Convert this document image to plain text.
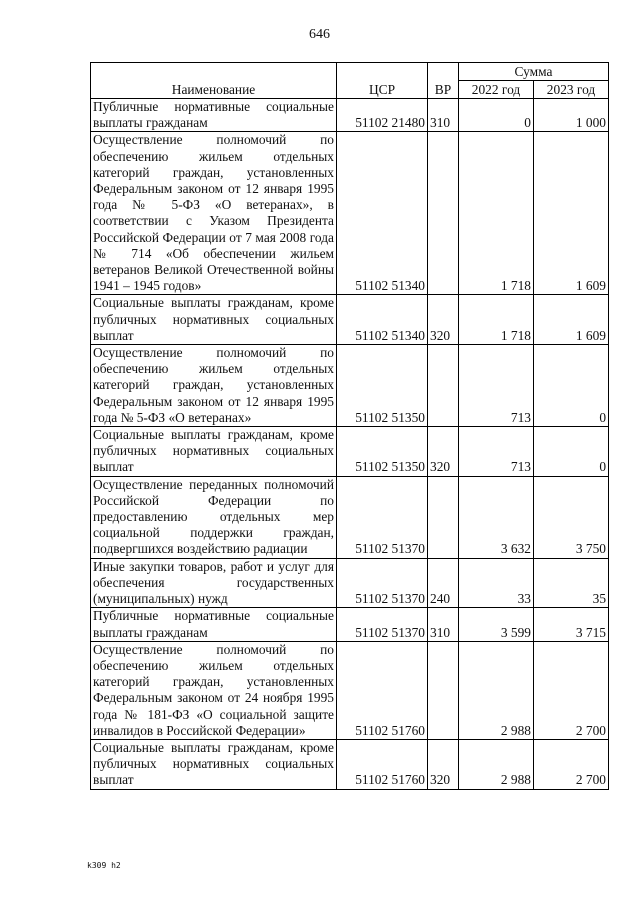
646
Наименование	ЦСР	ВР	Сумма	
			2022 год	2023 год
Публичные нормативные социальные выплаты гражданам	51102 21480	310	0	1 000
Осуществление полномочий по обеспечению жильем отдельных категорий граждан, установленных Федеральным законом от 12 января 1995 года № 5-ФЗ «О ветеранах», в соответствии с Указом Президента Российской Федерации от 7 мая 2008 года № 714 «Об обеспечении жильем ветеранов Великой Отечественной войны 1941 – 1945 годов»	51102 51340		1 718	1 609
Социальные выплаты гражданам, кроме публичных нормативных социальных выплат	51102 51340	320	1 718	1 609
Осуществление полномочий по обеспечению жильем отдельных категорий граждан, установленных Федеральным законом от 12 января 1995 года № 5-ФЗ «О ветеранах»	51102 51350		713	0
Социальные выплаты гражданам, кроме публичных нормативных социальных выплат	51102 51350	320	713	0
Осуществление переданных полномочий Российской Федерации по предоставлению отдельных мер социальной поддержки граждан, подвергшихся воздействию радиации	51102 51370		3 632	3 750
Иные закупки товаров, работ и услуг для обеспечения государственных (муниципальных) нужд	51102 51370	240	33	35
Публичные нормативные социальные выплаты гражданам	51102 51370	310	3 599	3 715
Осуществление полномочий по обеспечению жильем отдельных категорий граждан, установленных Федеральным законом от 24 ноября 1995 года № 181-ФЗ «О социальной защите инвалидов в Российской Федерации»	51102 51760		2 988	2 700
Социальные выплаты гражданам, кроме публичных нормативных социальных выплат	51102 51760	320	2 988	2 700
k309 h2
